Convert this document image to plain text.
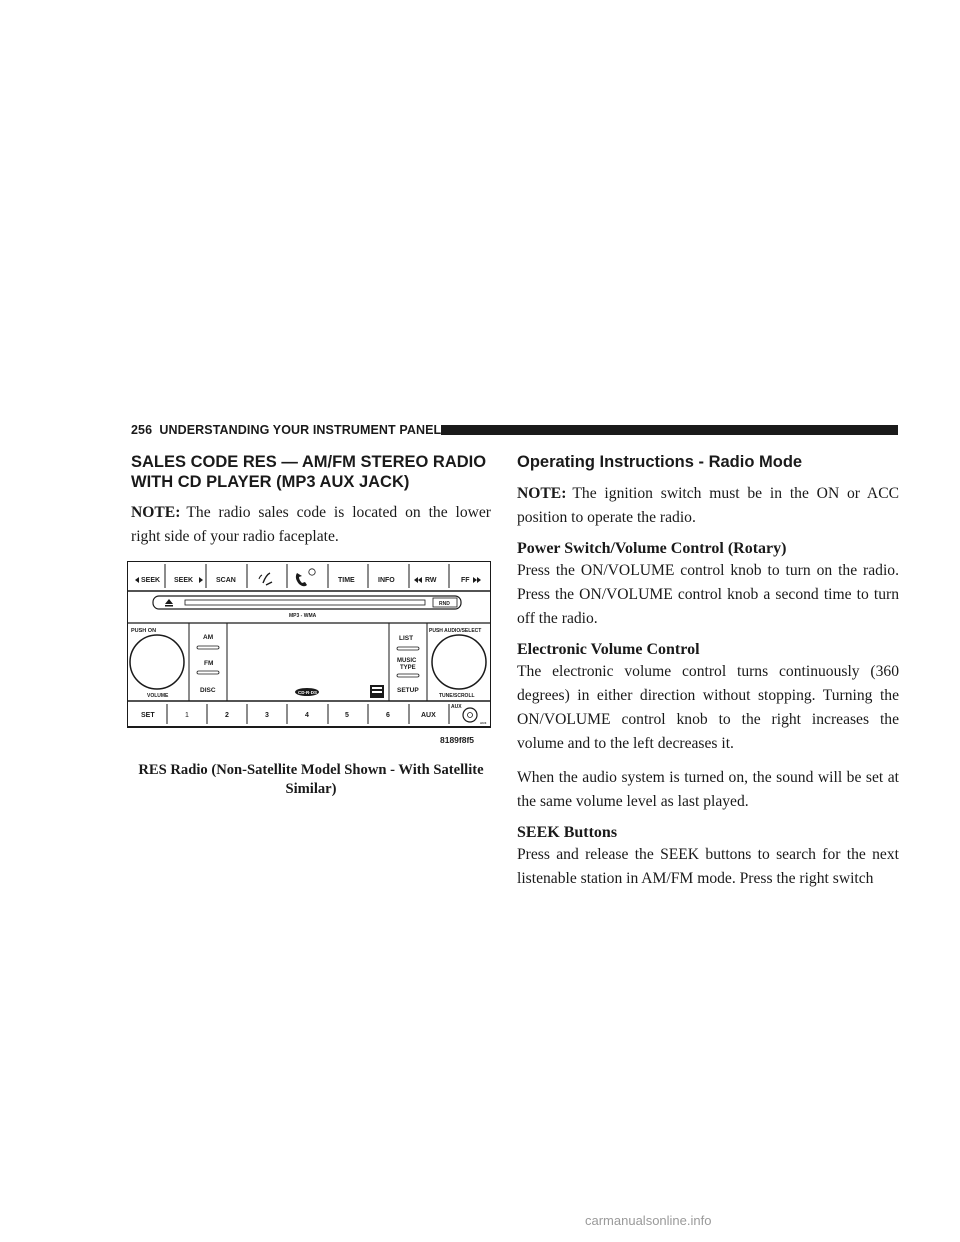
256 UNDERSTANDING YOUR INSTRUMENT PANEL
SALES CODE RES — AM/FM STEREO RADIO
WITH CD PLAYER (MP3 AUX JACK)

NOTE: The radio sales code is located on the lower right side of your radio faceplate.

SEEK SEEK	SCAN	TIME	INFO	RW	FF
RND
MP3 - WMA
PUSH ON
VOLUME
AM
FM
DISC	CD·R·DS
LIST
MUSIC
TYPE
SETUP
PUSH AUDIO/SELECT
TUNE/SCROLL
SET	1	2	3	4	5	6	AUX
AUX
AUX
8189f8f5
RES Radio (Non-Satellite Model Shown - With Satellite
Similar)
Operating Instructions - Radio Mode

NOTE: The ignition switch must be in the ON or ACC position to operate the radio.

Power Switch/Volume Control (Rotary)

Press the ON/VOLUME control knob to turn on the radio. Press the ON/VOLUME control knob a second time to turn off the radio.

Electronic Volume Control

The electronic volume control turns continuously (360 degrees) in either direction without stopping. Turning the ON/VOLUME control knob to the right increases the volume and to the left decreases it.

When the audio system is turned on, the sound will be set at the same volume level as last played.

SEEK Buttons

Press and release the SEEK buttons to search for the next listenable station in AM/FM mode. Press the right switch

carmanualsonline.info
